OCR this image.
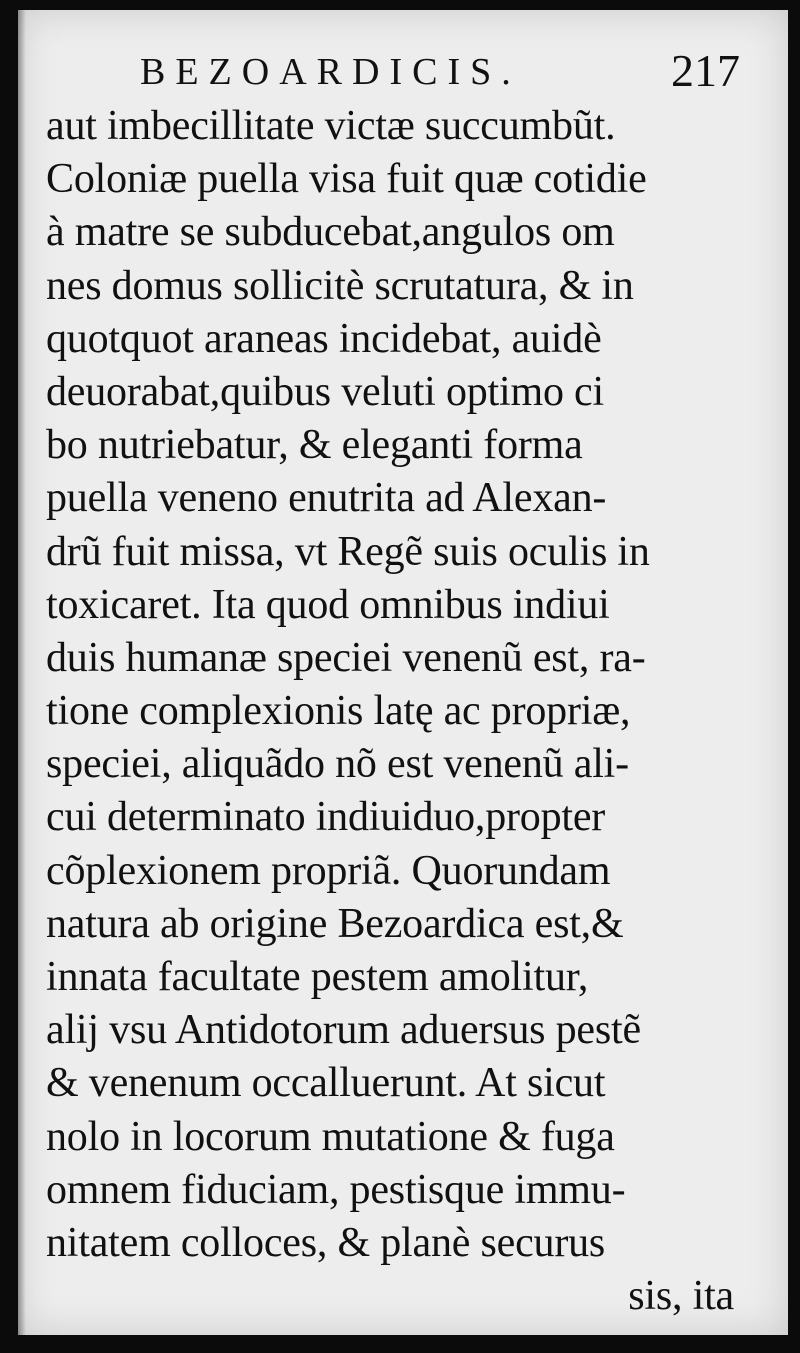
BEZOARDICIS.	217
aut imbecillitate victæ succumbũt.
Coloniæ puella visa fuit quæ cotidie
à matre se subducebat,angulos om
nes domus sollicitè scrutatura, & in
quotquot araneas incidebat, auidè
deuorabat,quibus veluti optimo ci
bo nutriebatur, & eleganti forma
puella veneno enutrita ad Alexan-
drũ fuit missa, vt Regẽ suis oculis in
toxicaret. Ita quod omnibus indiui
duis humanæ speciei venenũ est, ra-
tione complexionis latę ac propriæ,
speciei, aliquãdo nõ est venenũ ali-
cui determinato indiuiduo,propter
cõplexionem propriã. Quorundam
natura ab origine Bezoardica est,&
innata facultate pestem amolitur,
alij vsu Antidotorum aduersus pestẽ
& venenum occalluerunt. At sicut
nolo in locorum mutatione & fuga
omnem fiduciam, pestisque immu-
nitatem colloces, & planè securus
sis, ita
